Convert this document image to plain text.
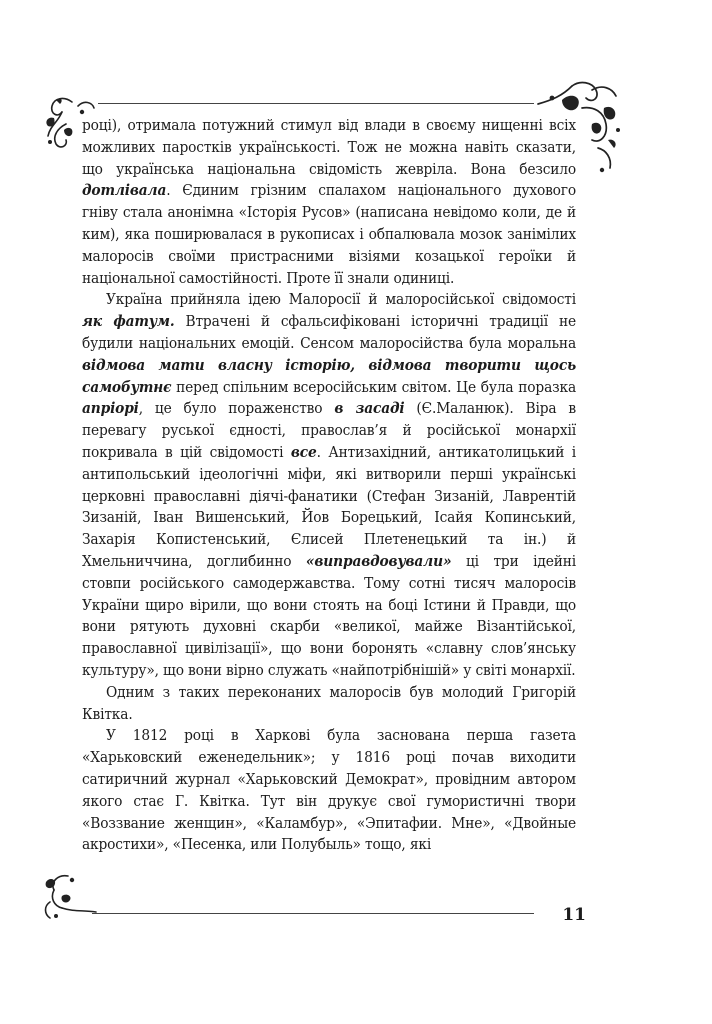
році), отримала потужний стимул від влади в своєму нищенні всіх можливих паростків українськості. Тож не можна навіть сказати, що українська національна свідомість жевріла. Вона безсило дотлівала. Єдиним грізним спалахом національного духового гніву стала анонімна «Історія Русов» (написана невідомо коли, де й ким), яка поширювалася в рукописах і обпалювала мозок занімілих малоросів своїми пристрасними візіями козацької героїки й національної самостійності. Проте її знали одиниці.

Україна прийняла ідею Малоросії й малоросійської свідомості як фатум. Втрачені й сфальсифіковані історичні традиції не будили національних емоцій. Сенсом малоросійства була моральна відмова мати власну історію, відмова творити щось самобутнє перед спільним всеросійським світом. Це була поразка апріорі, це було пораженство в засаді (Є.Маланюк). Віра в перевагу руської єдності, православ’я й російської монархії покривала в цій свідомості все. Антизахідний, антикатолицький і антипольський ідеологічні міфи, які витворили перші українські церковні православні діячі-фанатики (Стефан Зизаній, Лаврентій Зизаній, Іван Вишенський, Йов Борецький, Ісайя Копинський, Захарія Копистенський, Єлисей Плетенецький та ін.) й Хмельниччина, доглибинно «виправдовували» ці три ідейні стовпи російського самодержавства. Тому сотні тисяч малоросів України щиро вірили, що вони стоять на боці Істини й Правди, що вони рятують духовні скарби «великої, майже Візантійської, православної цивілізації», що вони боронять «славну слов’янську культуру», що вони вірно служать «найпотрібнішій» у світі монархії.

Одним з таких переконаних малоросів був молодий Григорій Квітка.

У 1812 році в Харкові була заснована перша газета «Харьковский еженедельник»; у 1816 році почав виходити сатиричний журнал «Харьковский Демократ», провідним автором якого стає Г. Квітка. Тут він друкує свої гумористичні твори «Воззвание женщин», «Каламбур», «Эпитафии. Мне», «Двойные акростихи», «Песенка, или Полубыль» тощо, які

11
